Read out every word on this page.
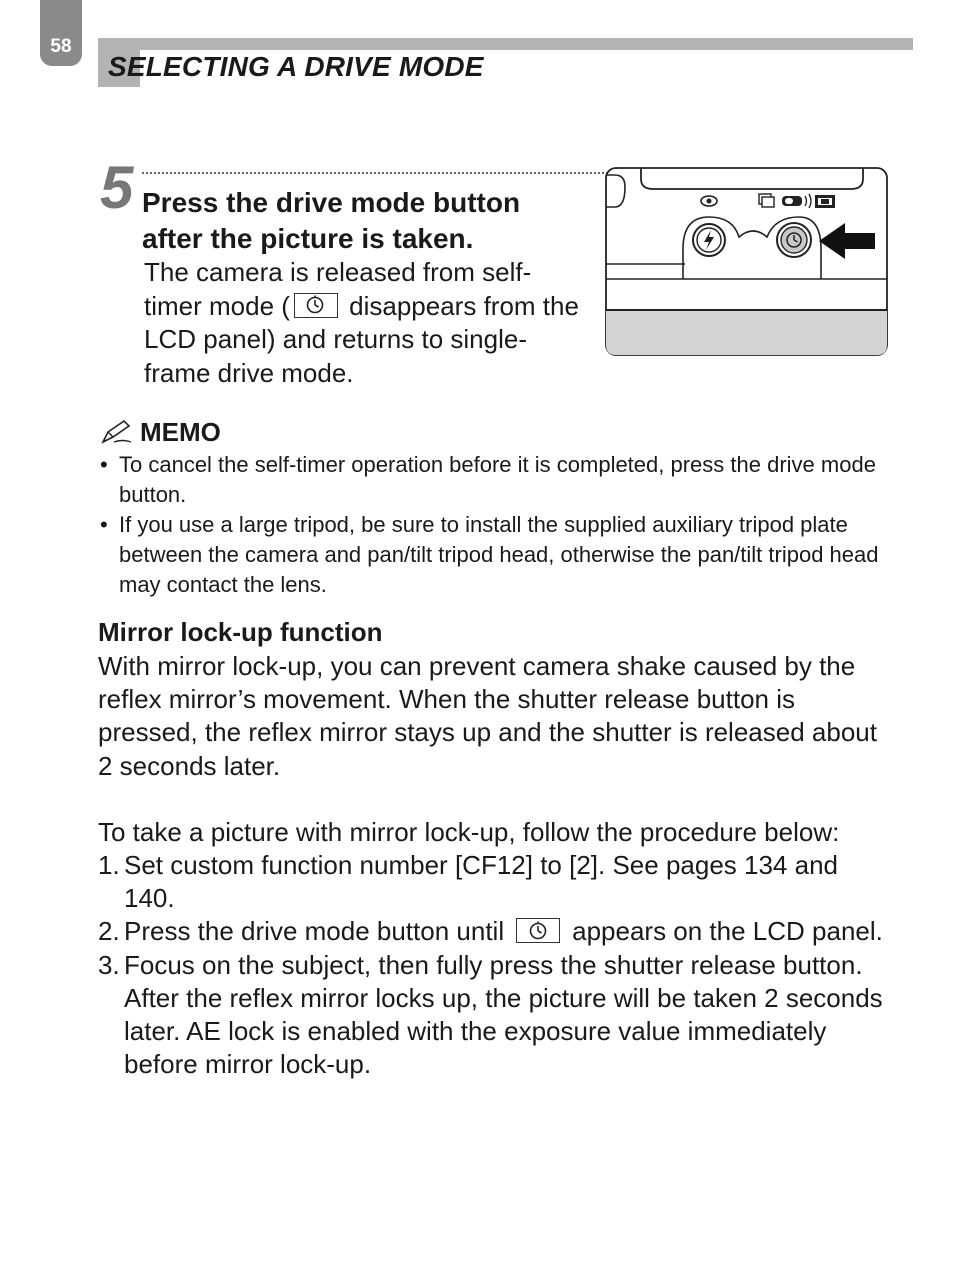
58
SELECTING A DRIVE MODE
5 Press the drive mode button
after the picture is taken.
The camera is released from self-timer mode (
disappears from the LCD panel) and returns to single-frame drive mode.
MEMO
• To cancel the self-timer operation before it is completed, press the drive mode button.
• If you use a large tripod, be sure to install the supplied auxiliary tripod plate between the camera and pan/tilt tripod head, otherwise the pan/tilt tripod head may contact the lens.
Mirror lock-up function
With mirror lock-up, you can prevent camera shake caused by the reflex mirror’s movement. When the shutter release button is pressed, the reflex mirror stays up and the shutter is released about 2 seconds later.
To take a picture with mirror lock-up, follow the procedure below:
1. Set custom function number [CF12] to [2]. See pages 134 and 140.
2. Press the drive mode button until	appears on the LCD panel.
3. Focus on the subject, then fully press the shutter release button.
After the reflex mirror locks up, the picture will be taken 2 seconds later. AE lock is enabled with the exposure value immediately before mirror lock-up.
